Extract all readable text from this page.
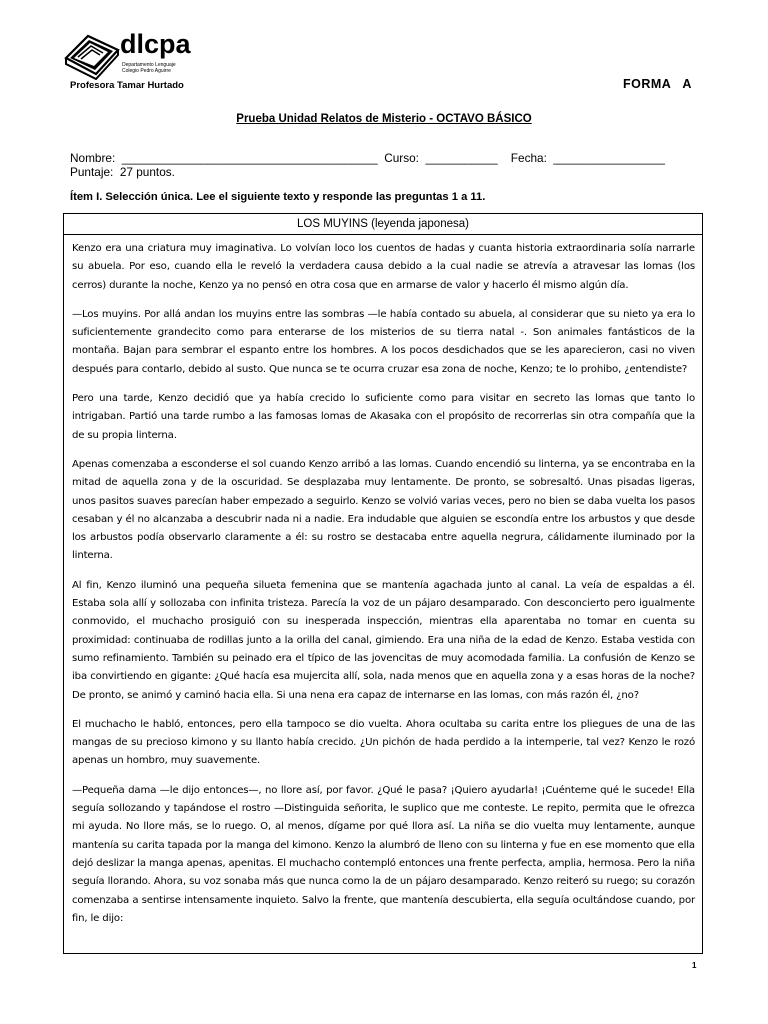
dlcpa
Departamento Lenguaje
Colegio Pedro Aguirre
Profesora Tamar Hurtado	FORMA   A
Prueba Unidad Relatos de Misterio - OCTAVO BÁSICO
Nombre:  _______________________________________  Curso:  ___________    Fecha:  _________________
Puntaje:  27 puntos.
Ítem I. Selección única. Lee el siguiente texto y responde las preguntas 1 a 11.
LOS MUYINS (leyenda japonesa)

Kenzo era una criatura muy imaginativa. Lo volvían loco los cuentos de hadas y cuanta historia extraordinaria solía narrarle su abuela. Por eso, cuando ella le reveló la verdadera causa debido a la cual nadie se atrevía a atravesar las lomas (los cerros) durante la noche, Kenzo ya no pensó en otra cosa que en armarse de valor y hacerlo él mismo algún día.

—Los muyins. Por allá andan los muyins entre las sombras —le había contado su abuela, al considerar que su nieto ya era lo suficientemente grandecito como para enterarse de los misterios de su tierra natal -. Son animales fantásticos de la montaña. Bajan para sembrar el espanto entre los hombres. A los pocos desdichados que se les aparecieron, casi no viven después para contarlo, debido al susto. Que nunca se te ocurra cruzar esa zona de noche, Kenzo; te lo prohibo, ¿entendiste?

Pero una tarde, Kenzo decidió que ya había crecido lo suficiente como para visitar en secreto las lomas que tanto lo intrigaban. Partió una tarde rumbo a las famosas lomas de Akasaka con el propósito de recorrerlas sin otra compañía que la de su propia linterna.

Apenas comenzaba a esconderse el sol cuando Kenzo arribó a las lomas. Cuando encendió su linterna, ya se encontraba en la mitad de aquella zona y de la oscuridad. Se desplazaba muy lentamente. De pronto, se sobresaltó. Unas pisadas ligeras, unos pasitos suaves parecían haber empezado a seguirlo. Kenzo se volvió varias veces, pero no bien se daba vuelta los pasos cesaban y él no alcanzaba a descubrir nada ni a nadie. Era indudable que alguien se escondía entre los arbustos y que desde los arbustos podía observarlo claramente a él: su rostro se destacaba entre aquella negrura, cálidamente iluminado por la linterna.

Al fin, Kenzo iluminó una pequeña silueta femenina que se mantenía agachada junto al canal. La veía de espaldas a él. Estaba sola allí y sollozaba con infinita tristeza. Parecía la voz de un pájaro desamparado. Con desconcierto pero igualmente conmovido, el muchacho prosiguió con su inesperada inspección, mientras ella aparentaba no tomar en cuenta su proximidad: continuaba de rodillas junto a la orilla del canal, gimiendo. Era una niña de la edad de Kenzo. Estaba vestida con sumo refinamiento. También su peinado era el típico de las jovencitas de muy acomodada familia. La confusión de Kenzo se iba convirtiendo en gigante: ¿Qué hacía esa mujercita allí, sola, nada menos que en aquella zona y a esas horas de la noche? De pronto, se animó y caminó hacia ella. Si una nena era capaz de internarse en las lomas, con más razón él, ¿no?

El muchacho le habló, entonces, pero ella tampoco se dio vuelta. Ahora ocultaba su carita entre los pliegues de una de las mangas de su precioso kimono y su llanto había crecido. ¿Un pichón de hada perdido a la intemperie, tal vez? Kenzo le rozó apenas un hombro, muy suavemente.

—Pequeña dama —le dijo entonces—, no llore así, por favor. ¿Qué le pasa? ¡Quiero ayudarla! ¡Cuénteme qué le sucede! Ella seguía sollozando y tapándose el rostro —Distinguida señorita, le suplico que me conteste. Le repito, permita que le ofrezca mi ayuda. No llore más, se lo ruego. O, al menos, dígame por qué llora así. La niña se dio vuelta muy lentamente, aunque mantenía su carita tapada por la manga del kimono. Kenzo la alumbró de lleno con su linterna y fue en ese momento que ella dejó deslizar la manga apenas, apenitas. El muchacho contempló entonces una frente perfecta, amplia, hermosa. Pero la niña seguía llorando. Ahora, su voz sonaba más que nunca como la de un pájaro desamparado. Kenzo reiteró su ruego; su corazón comenzaba a sentirse intensamente inquieto. Salvo la frente, que mantenía descubierta, ella seguía ocultándose cuando, por fin, le dijo:

1
